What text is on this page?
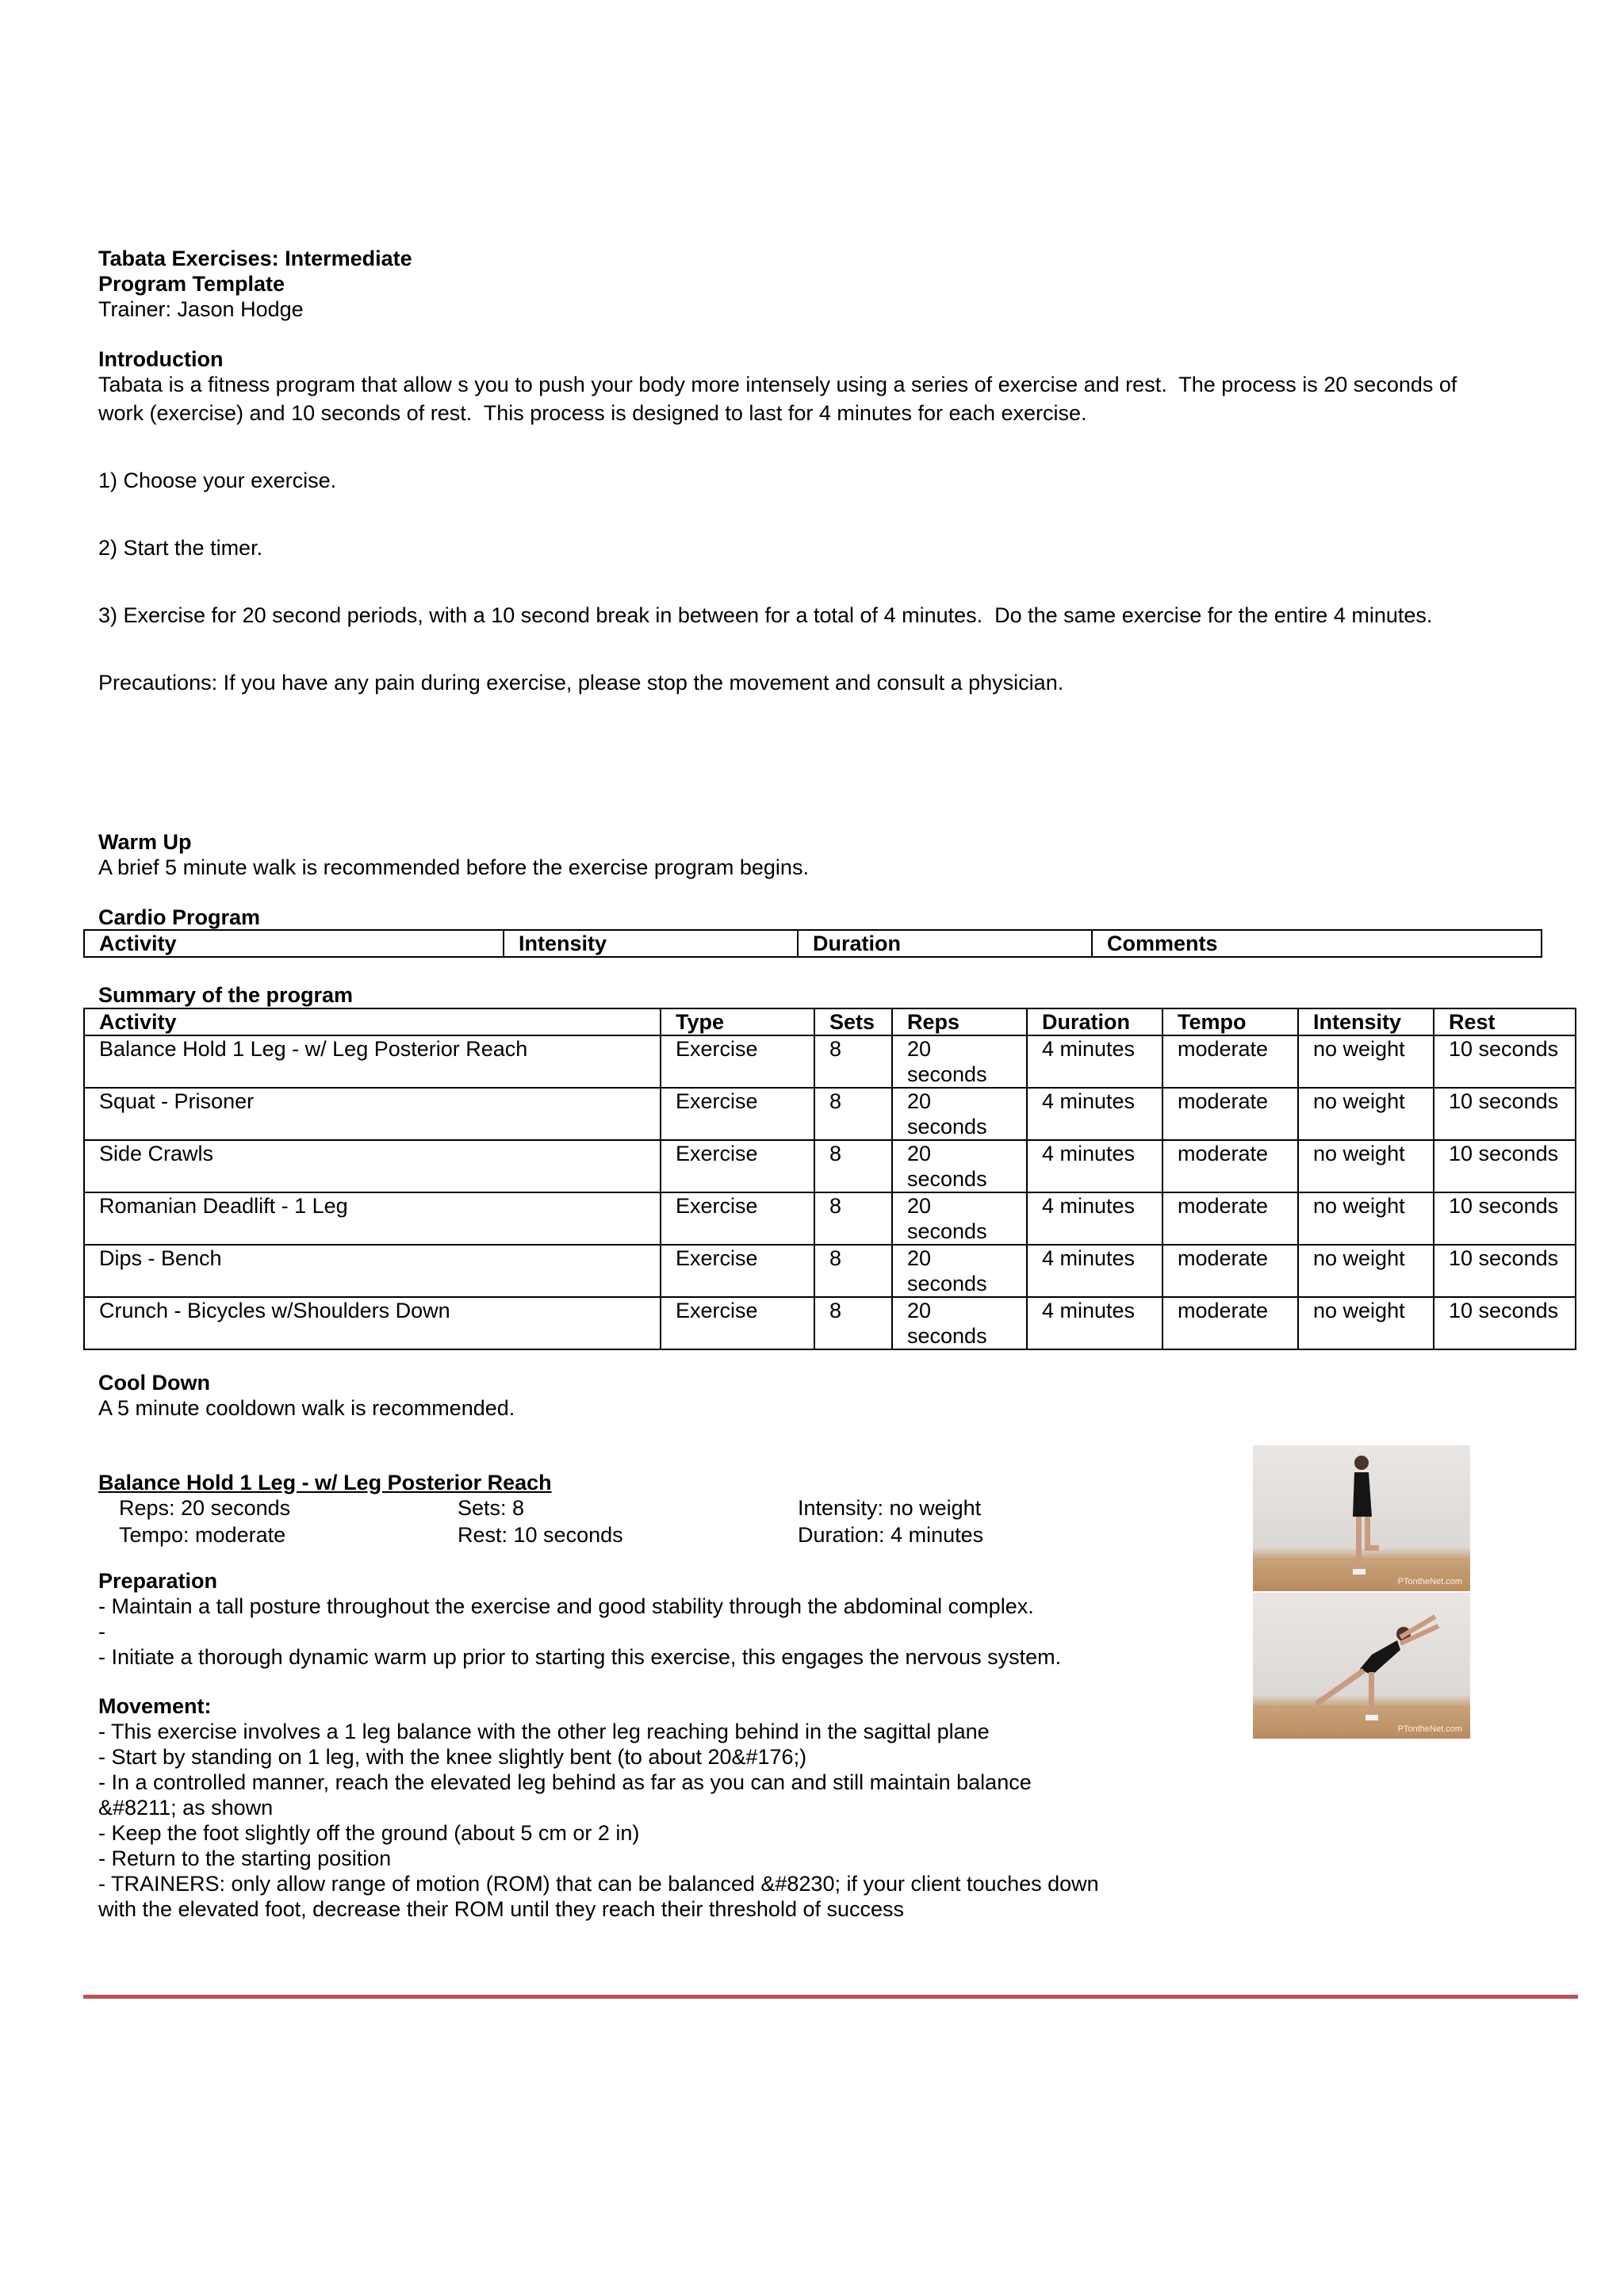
Tabata Exercises: Intermediate
Program Template
Trainer: Jason Hodge
Introduction
Tabata is a fitness program that allow s you to push your body more intensely using a series of exercise and rest.  The process is 20 seconds of
work (exercise) and 10 seconds of rest.  This process is designed to last for 4 minutes for each exercise.
1) Choose your exercise.
2) Start the timer.
3) Exercise for 20 second periods, with a 10 second break in between for a total of 4 minutes.  Do the same exercise for the entire 4 minutes.
Precautions: If you have any pain during exercise, please stop the movement and consult a physician.
Warm Up
A brief 5 minute walk is recommended before the exercise program begins.
Cardio Program
Activity	Intensity	Duration	Comments
Summary of the program
Activity	Type	Sets	Reps	Duration	Tempo	Intensity	Rest
Balance Hold 1 Leg - w/ Leg Posterior Reach	Exercise	8	20
seconds	4 minutes	moderate	no weight	10 seconds
Squat - Prisoner	Exercise	8	20
seconds	4 minutes	moderate	no weight	10 seconds
Side Crawls	Exercise	8	20
seconds	4 minutes	moderate	no weight	10 seconds
Romanian Deadlift - 1 Leg	Exercise	8	20
seconds	4 minutes	moderate	no weight	10 seconds
Dips - Bench	Exercise	8	20
seconds	4 minutes	moderate	no weight	10 seconds
Crunch - Bicycles w/Shoulders Down	Exercise	8	20
seconds	4 minutes	moderate	no weight	10 seconds
Cool Down
A 5 minute cooldown walk is recommended.
Balance Hold 1 Leg - w/ Leg Posterior Reach
Reps: 20 seconds	Sets: 8	Intensity: no weight
Tempo: moderate	Rest: 10 seconds	Duration: 4 minutes
Preparation
- Maintain a tall posture throughout the exercise and good stability through the abdominal complex.
-
- Initiate a thorough dynamic warm up prior to starting this exercise, this engages the nervous system.
Movement:
- This exercise involves a 1 leg balance with the other leg reaching behind in the sagittal plane
- Start by standing on 1 leg, with the knee slightly bent (to about 20&#176;)
- In a controlled manner, reach the elevated leg behind as far as you can and still maintain balance
&#8211; as shown
- Keep the foot slightly off the ground (about 5 cm or 2 in)
- Return to the starting position
- TRAINERS: only allow range of motion (ROM) that can be balanced &#8230; if your client touches down
with the elevated foot, decrease their ROM until they reach their threshold of success
PTontheNet.com
PTontheNet.com
